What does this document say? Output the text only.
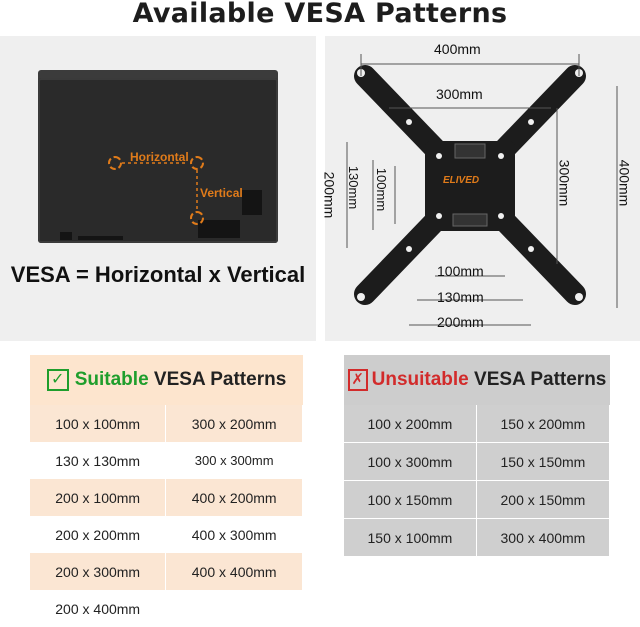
Available VESA Patterns
Horizontal
Vertical
VESA = Horizontal x Vertical
400mm
300mm
100mm
130mm
200mm
200mm 130mm 100mm	300mm	400mm
ELIVED
✓ Suitable VESA Patterns
100 x 100mm	300 x 200mm
130 x 130mm	300 x 300mm
200 x 100mm	400 x 200mm
200 x 200mm	400 x 300mm
200 x 300mm	400 x 400mm
200 x 400mm	
✗ Unsuitable VESA Patterns
100 x 200mm	150 x 200mm
100 x 300mm	150 x 150mm
100 x 150mm	200 x 150mm
150 x 100mm	300 x 400mm
